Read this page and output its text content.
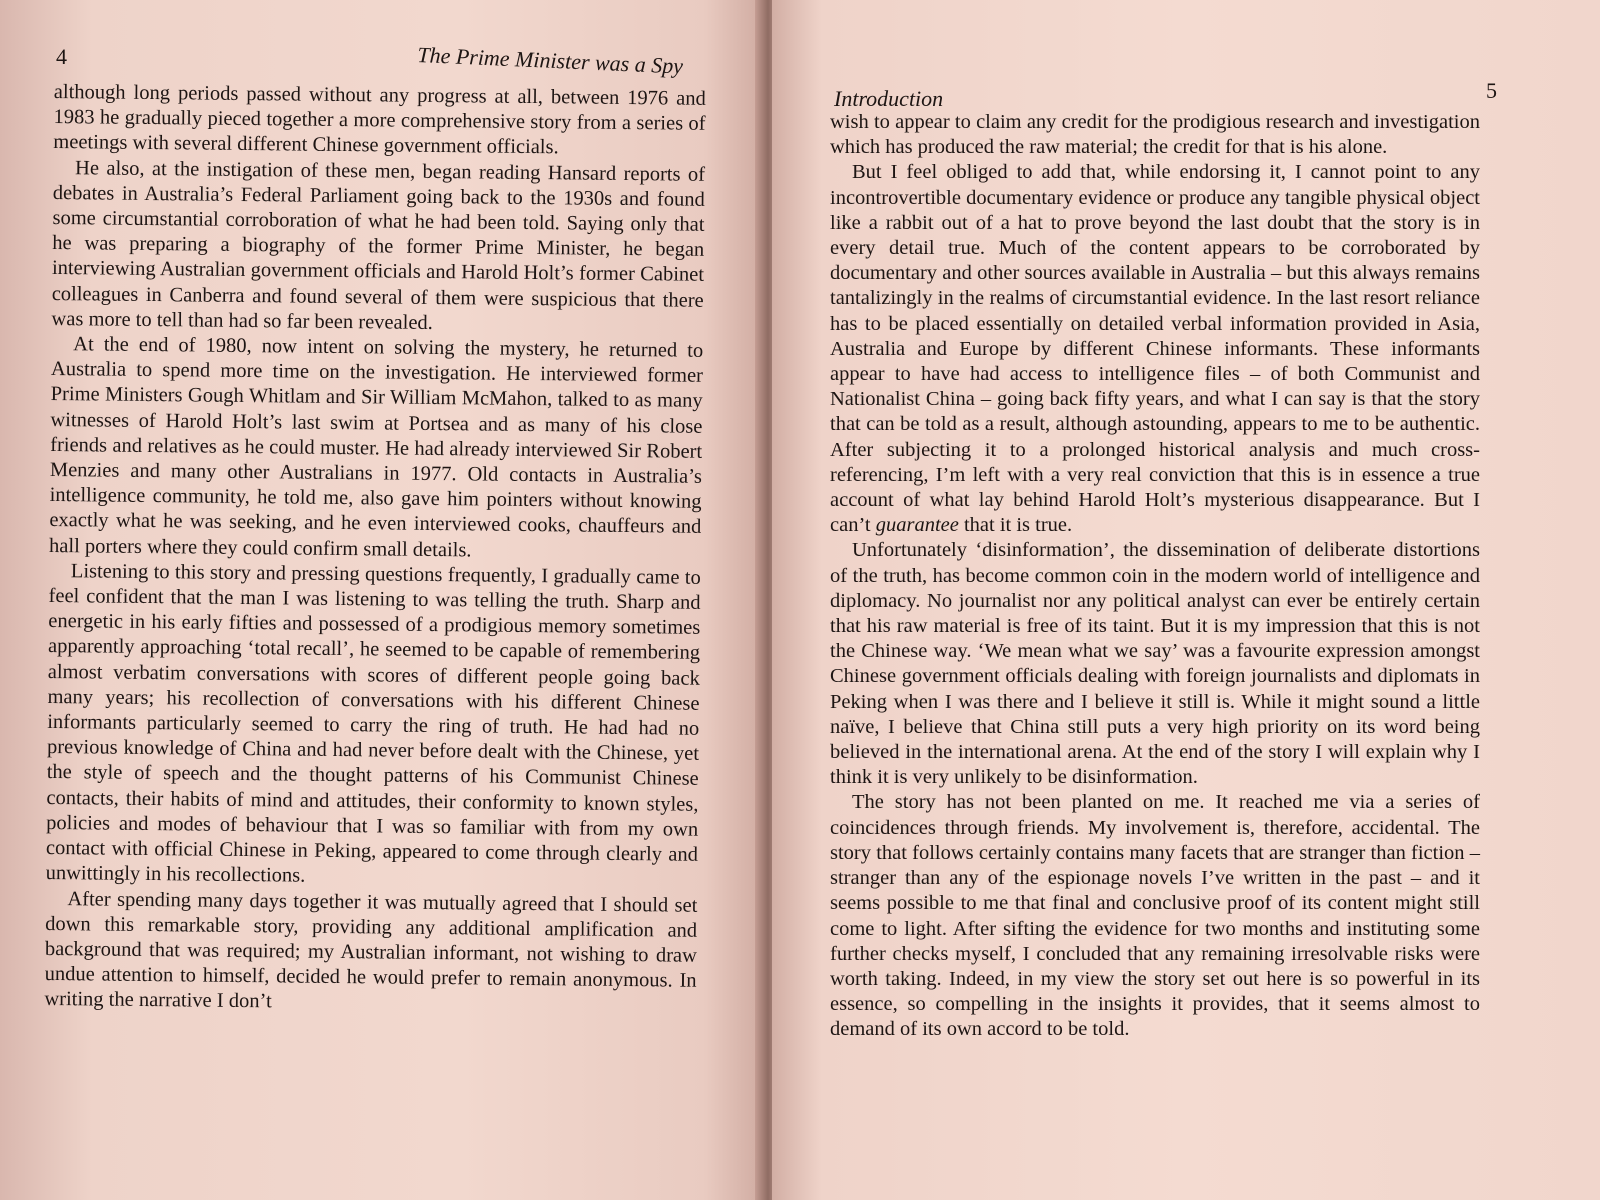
4	The Prime Minister was a Spy

although long periods passed without any progress at all, between 1976 and 1983 he gradually pieced together a more comprehensive story from a series of meetings with several different Chinese government officials.

He also, at the instigation of these men, began reading Hansard reports of debates in Australia’s Federal Parliament going back to the 1930s and found some circumstantial corroboration of what he had been told. Saying only that he was preparing a biography of the former Prime Minister, he began interviewing Australian government officials and Harold Holt’s former Cabinet colleagues in Canberra and found several of them were suspicious that there was more to tell than had so far been revealed.

At the end of 1980, now intent on solving the mystery, he returned to Australia to spend more time on the investigation. He interviewed former Prime Ministers Gough Whitlam and Sir William McMahon, talked to as many witnesses of Harold Holt’s last swim at Portsea and as many of his close friends and relatives as he could muster. He had already interviewed Sir Robert Menzies and many other Australians in 1977. Old contacts in Australia’s intelligence community, he told me, also gave him pointers without knowing exactly what he was seeking, and he even interviewed cooks, chauffeurs and hall porters where they could confirm small details.

Listening to this story and pressing questions frequently, I gradually came to feel confident that the man I was listening to was telling the truth. Sharp and energetic in his early fifties and possessed of a prodigious memory sometimes apparently approaching ‘total recall’, he seemed to be capable of remembering almost verbatim conversations with scores of different people going back many years; his recollection of conversations with his different Chinese informants particularly seemed to carry the ring of truth. He had had no previous knowledge of China and had never before dealt with the Chinese, yet the style of speech and the thought patterns of his Communist Chinese contacts, their habits of mind and attitudes, their conformity to known styles, policies and modes of behaviour that I was so familiar with from my own contact with official Chinese in Peking, appeared to come through clearly and unwittingly in his recollections.

After spending many days together it was mutually agreed that I should set down this remarkable story, providing any additional amplification and background that was required; my Australian informant, not wishing to draw undue attention to himself, decided he would prefer to remain anonymous. In writing the narrative I don’t

Introduction	5

wish to appear to claim any credit for the prodigious research and investigation which has produced the raw material; the credit for that is his alone.

But I feel obliged to add that, while endorsing it, I cannot point to any incontrovertible documentary evidence or produce any tangible physical object like a rabbit out of a hat to prove beyond the last doubt that the story is in every detail true. Much of the content appears to be corroborated by documentary and other sources available in Australia – but this always remains tantalizingly in the realms of circumstantial evidence. In the last resort reliance has to be placed essentially on detailed verbal information provided in Asia, Australia and Europe by different Chinese informants. These informants appear to have had access to intelligence files – of both Communist and Nationalist China – going back fifty years, and what I can say is that the story that can be told as a result, although astounding, appears to me to be authentic. After subjecting it to a prolonged historical analysis and much cross-referencing, I’m left with a very real conviction that this is in essence a true account of what lay behind Harold Holt’s mysterious disappearance. But I can’t guarantee that it is true.

Unfortunately ‘disinformation’, the dissemination of deliberate distortions of the truth, has become common coin in the modern world of intelligence and diplomacy. No journalist nor any political analyst can ever be entirely certain that his raw material is free of its taint. But it is my impression that this is not the Chinese way. ‘We mean what we say’ was a favourite expression amongst Chinese government officials dealing with foreign journalists and diplomats in Peking when I was there and I believe it still is. While it might sound a little naïve, I believe that China still puts a very high priority on its word being believed in the international arena. At the end of the story I will explain why I think it is very unlikely to be disinformation.

The story has not been planted on me. It reached me via a series of coincidences through friends. My involvement is, therefore, accidental. The story that follows certainly contains many facets that are stranger than fiction – stranger than any of the espionage novels I’ve written in the past – and it seems possible to me that final and conclusive proof of its content might still come to light. After sifting the evidence for two months and instituting some further checks myself, I concluded that any remaining irresolvable risks were worth taking. Indeed, in my view the story set out here is so powerful in its essence, so compelling in the insights it provides, that it seems almost to demand of its own accord to be told.
